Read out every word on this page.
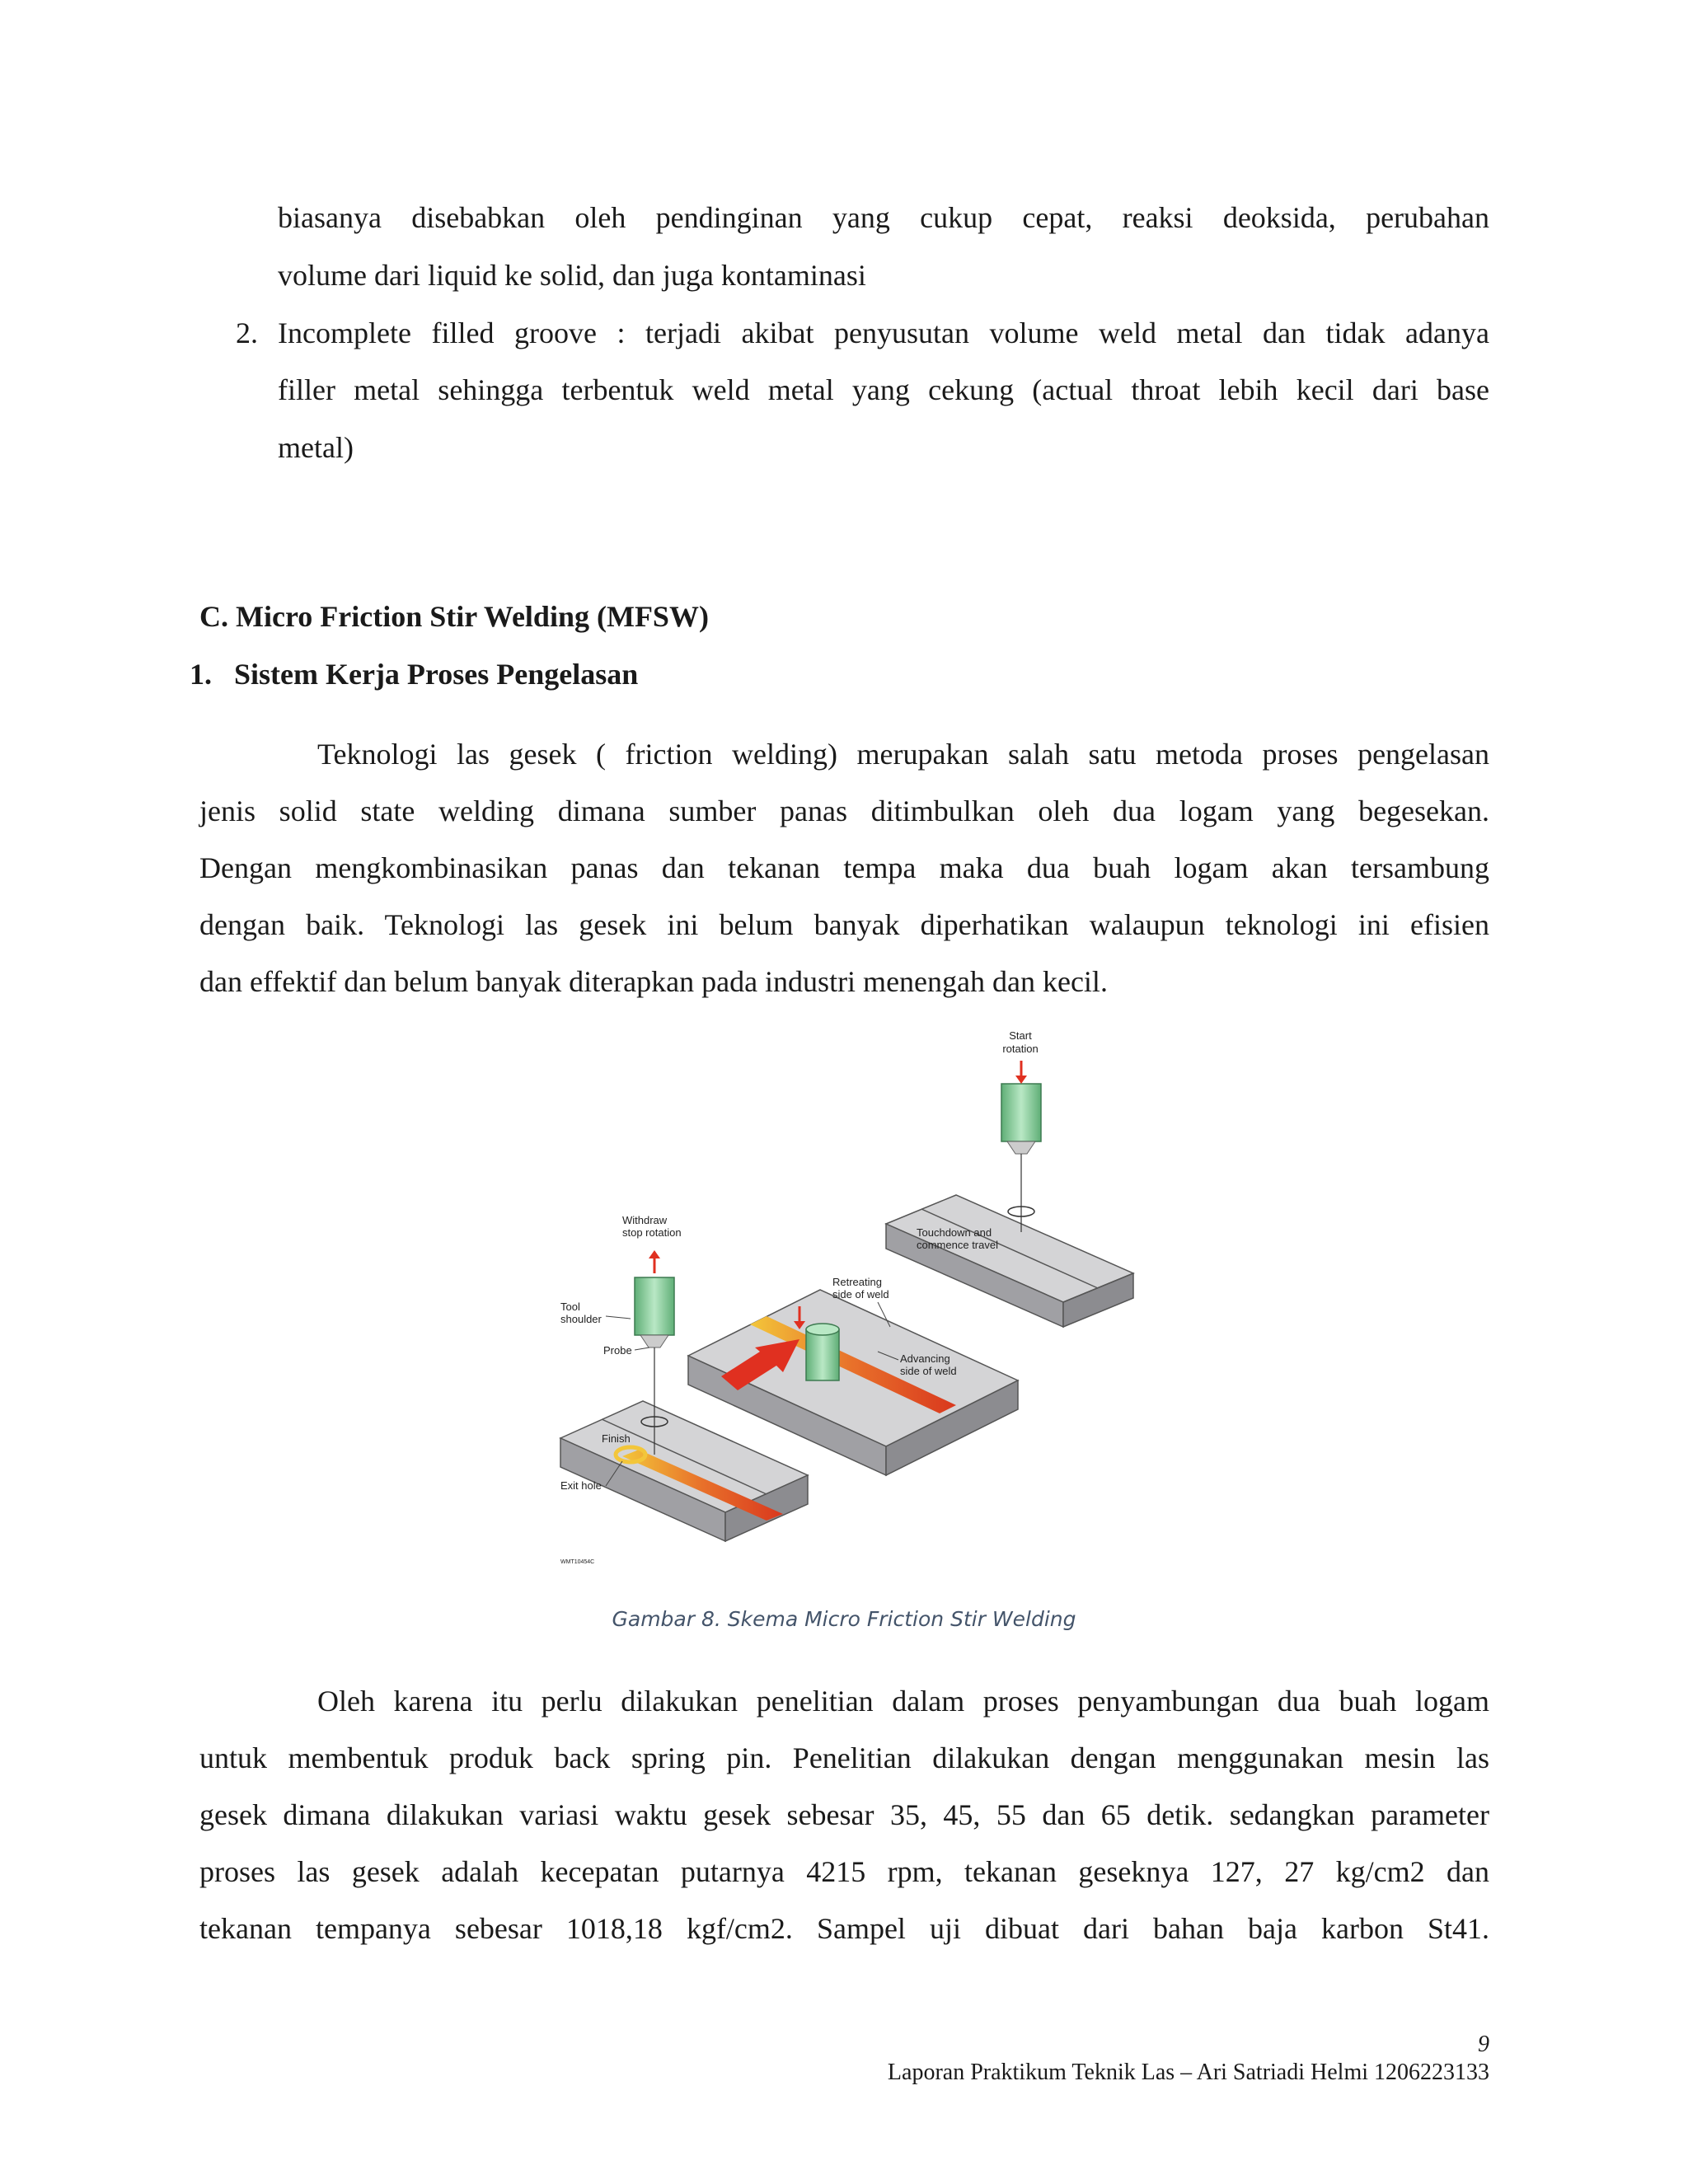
biasanya disebabkan oleh pendinginan yang cukup cepat, reaksi deoksida, perubahan
volume dari liquid ke solid, dan juga kontaminasi
2. Incomplete filled groove : terjadi akibat penyusutan volume weld metal dan tidak adanya
filler metal sehingga terbentuk weld metal yang cekung (actual throat lebih kecil dari base
metal)
C. Micro Friction Stir Welding (MFSW)
1.   Sistem Kerja Proses Pengelasan
Teknologi las gesek ( friction welding) merupakan salah satu metoda proses pengelasan
jenis solid state welding dimana sumber panas ditimbulkan oleh dua logam yang begesekan.
Dengan mengkombinasikan panas dan tekanan tempa maka dua buah logam akan tersambung
dengan baik. Teknologi las gesek ini belum banyak diperhatikan walaupun teknologi ini efisien
dan effektif dan belum banyak diterapkan pada industri menengah dan kecil.
Start
rotation
Touchdown and
commence travel
Withdraw
stop rotation
Tool
shoulder
Probe
Retreating
side of weld
Advancing
side of weld
Finish
Exit hole
WMT10454C
Gambar 8. Skema Micro Friction Stir Welding
Oleh karena itu perlu dilakukan penelitian dalam proses penyambungan dua buah logam
untuk membentuk produk back spring pin. Penelitian dilakukan dengan menggunakan mesin las
gesek dimana dilakukan variasi waktu gesek sebesar 35, 45, 55 dan 65 detik. sedangkan parameter
proses las gesek adalah kecepatan putarnya 4215 rpm, tekanan geseknya 127, 27 kg/cm2 dan
tekanan tempanya sebesar 1018,18 kgf/cm2. Sampel uji dibuat dari bahan baja karbon St41.
9
Laporan Praktikum Teknik Las – Ari Satriadi Helmi 1206223133
